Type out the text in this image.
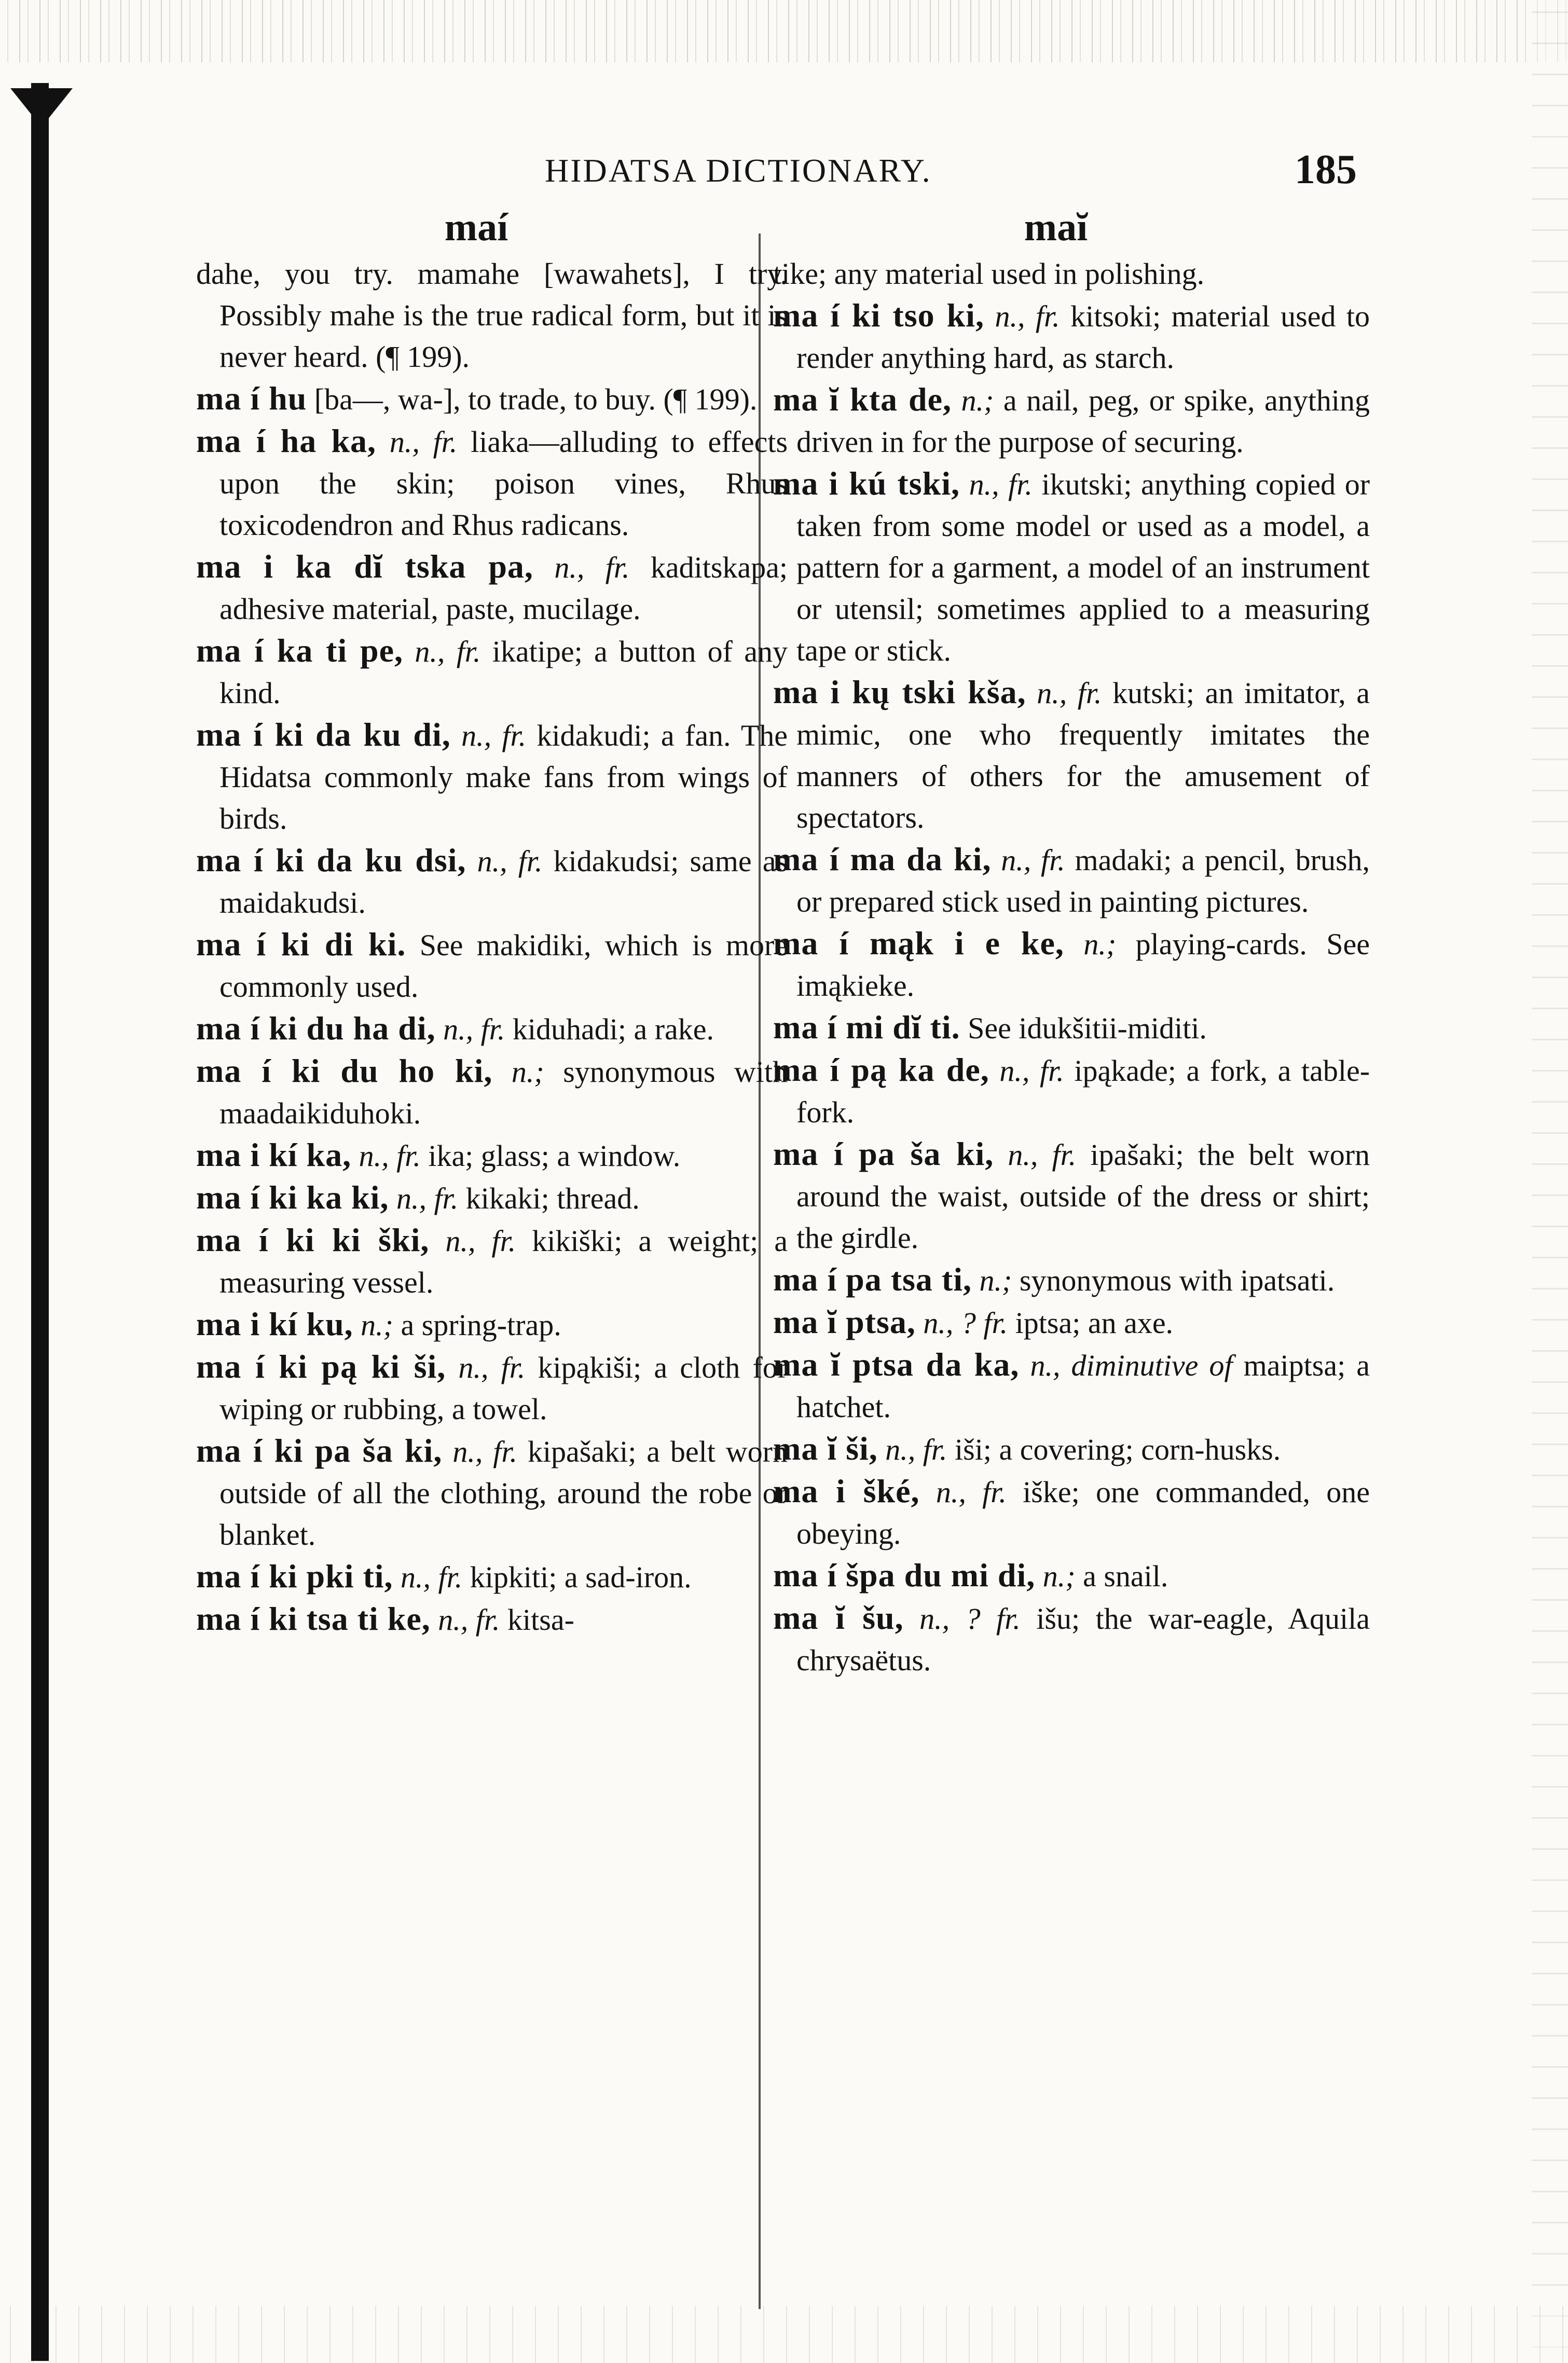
HIDATSA DICTIONARY.	185
maí

dahe, you try. mamahe [wawahets], I try. Possibly mahe is the true radical form, but it is never heard. (¶ 199).

ma í hu [ba—, wa-], to trade, to buy. (¶ 199).

ma í ha ka, n., fr. liaka—alluding to effects upon the skin; poison vines, Rhus toxicodendron and Rhus radicans.

ma i ka dĭ tska pa, n., fr. kaditskapa; adhesive material, paste, mucilage.

ma í ka ti pe, n., fr. ikatipe; a button of any kind.

ma í ki da ku di, n., fr. kidakudi; a fan. The Hidatsa commonly make fans from wings of birds.

ma í ki da ku dsi, n., fr. kidakudsi; same as maidakudsi.

ma í ki di ki. See makidiki, which is more commonly used.

ma í ki du ha di, n., fr. kiduhadi; a rake.

ma í ki du ho ki, n.; synonymous with maadaikiduhoki.

ma i kí ka, n., fr. ika; glass; a window.

ma í ki ka ki, n., fr. kikaki; thread.

ma í ki ki ški, n., fr. kikiški; a weight; a measuring vessel.

ma i kí ku, n.; a spring-trap.

ma í ki pą ki ši, n., fr. kipąkiši; a cloth for wiping or rubbing, a towel.

ma í ki pa ša ki, n., fr. kipašaki; a belt worn outside of all the clothing, around the robe or blanket.

ma í ki pki ti, n., fr. kipkiti; a sad-iron.

ma í ki tsa ti ke, n., fr. kitsa-

maĭ

tike; any material used in polishing.

ma í ki tso ki, n., fr. kitsoki; material used to render anything hard, as starch.

ma ĭ kta de, n.; a nail, peg, or spike, anything driven in for the purpose of securing.

ma i kú tski, n., fr. ikutski; anything copied or taken from some model or used as a model, a pattern for a garment, a model of an instrument or utensil; sometimes applied to a measuring tape or stick.

ma i kų tski kša, n., fr. kutski; an imitator, a mimic, one who frequently imitates the manners of others for the amusement of spectators.

ma í ma da ki, n., fr. madaki; a pencil, brush, or prepared stick used in painting pictures.

ma í mąk i e ke, n.; playing-cards. See imąkieke.

ma í mi dĭ ti. See idukšitii-miditi.

ma í pą ka de, n., fr. ipąkade; a fork, a table-fork.

ma í pa ša ki, n., fr. ipašaki; the belt worn around the waist, outside of the dress or shirt; the girdle.

ma í pa tsa ti, n.; synonymous with ipatsati.

ma ĭ ptsa, n., ? fr. iptsa; an axe.

ma ĭ ptsa da ka, n., diminutive of maiptsa; a hatchet.

ma ĭ ši, n., fr. iši; a covering; corn-husks.

ma i šké, n., fr. iške; one commanded, one obeying.

ma í špa du mi di, n.; a snail.

ma ĭ šu, n., ? fr. išu; the war-eagle, Aquila chrysaëtus.
